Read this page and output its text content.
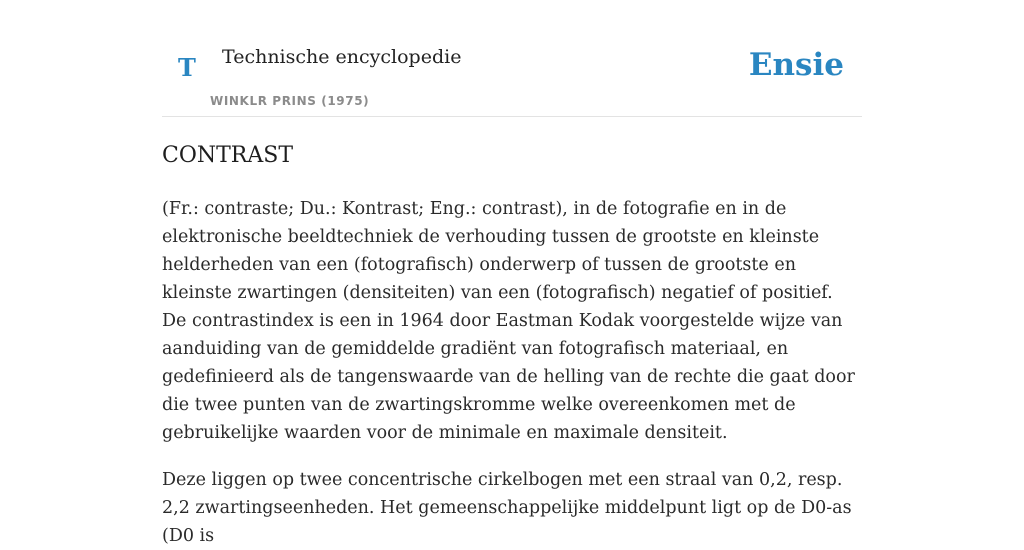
T Technische encyclopedie
WINKLR PRINS (1975)
Ensie
CONTRAST

(Fr.: contraste; Du.: Kontrast; Eng.: contrast), in de fotografie en in de elektronische beeldtechniek de verhouding tussen de grootste en kleinste helderheden van een (fotografisch) onderwerp of tussen de grootste en kleinste zwartingen (densiteiten) van een (fotografisch) negatief of positief. De contrastindex is een in 1964 door Eastman Kodak voorgestelde wijze van aanduiding van de gemiddelde gradiënt van fotografisch materiaal, en gedefinieerd als de tangenswaarde van de helling van de rechte die gaat door die twee punten van de zwartingskromme welke overeenkomen met de gebruikelijke waarden voor de minimale en maximale densiteit.

Deze liggen op twee concentrische cirkelbogen met een straal van 0,2, resp. 2,2 zwartingseenheden. Het gemeenschappelijke middelpunt ligt op de D0-as (D0 is
